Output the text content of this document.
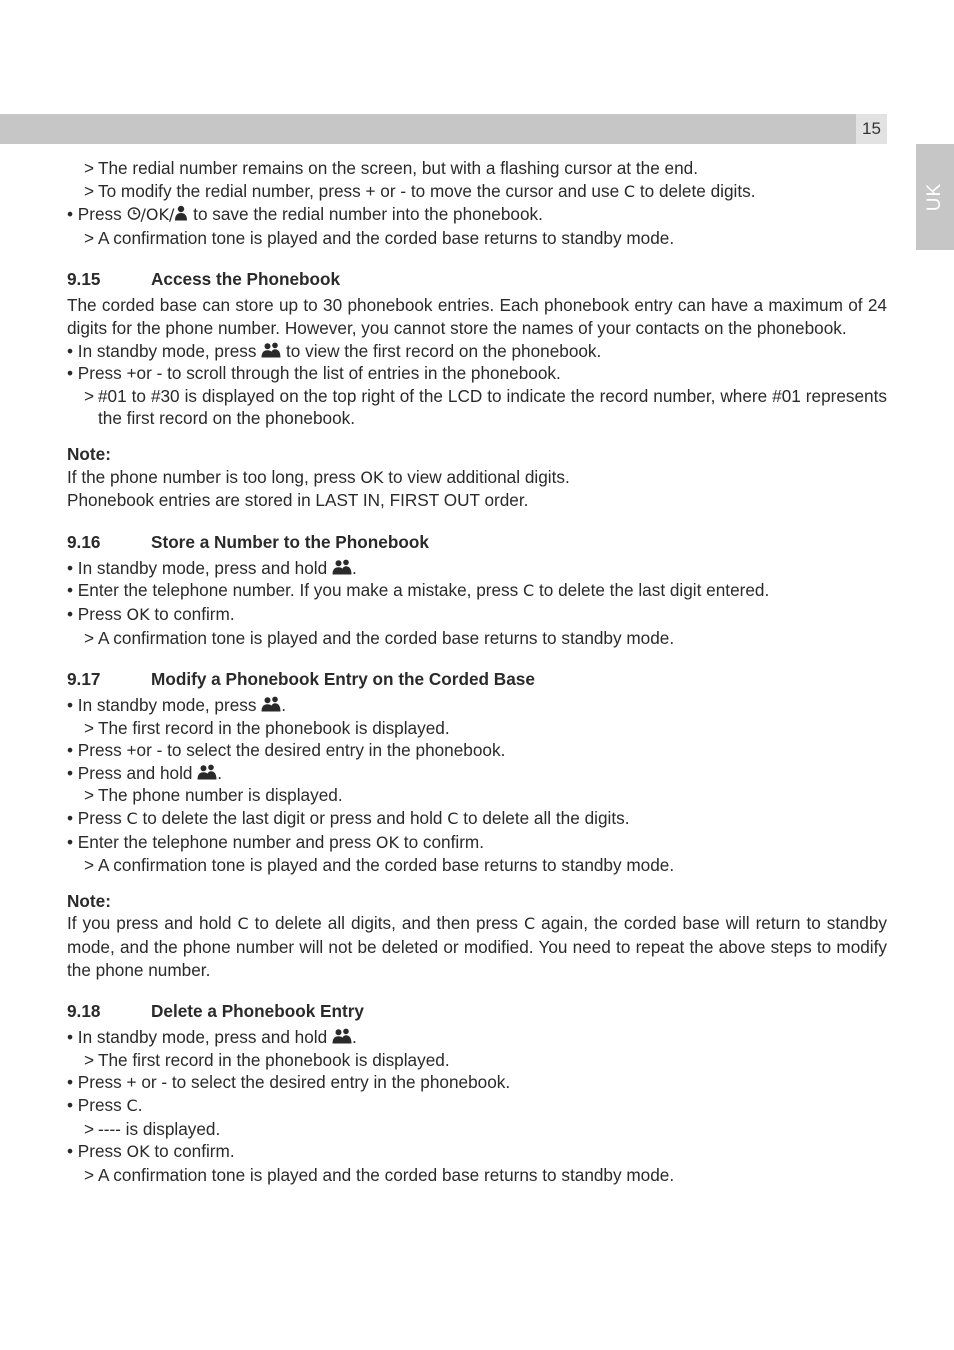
15
UK
> The redial number remains on the screen, but with a flashing cursor at the end.
> To modify the redial number, press + or - to move the cursor and use C to delete digits.
• Press /OK/ to save the redial number into the phonebook.
> A confirmation tone is played and the corded base returns to standby mode.
9.15	Access the Phonebook
The corded base can store up to 30 phonebook entries. Each phonebook entry can have a maximum of 24 digits for the phone number. However, you cannot store the names of your contacts on the phonebook.
• In standby mode, press  to view the first record on the phonebook.
• Press +or - to scroll through the list of entries in the phonebook.
> #01 to #30 is displayed on the top right of the LCD to indicate the record number, where #01 represents the first record on the phonebook.
Note:
If the phone number is too long, press OK to view additional digits.
Phonebook entries are stored in LAST IN, FIRST OUT order.
9.16	Store a Number to the Phonebook
• In standby mode, press and hold .
• Enter the telephone number. If you make a mistake, press C to delete the last digit entered.
• Press OK to confirm.
> A confirmation tone is played and the corded base returns to standby mode.
9.17	Modify a Phonebook Entry on the Corded Base
• In standby mode, press .
> The first record in the phonebook is displayed.
• Press +or - to select the desired entry in the phonebook.
• Press and hold .
> The phone number is displayed.
• Press C to delete the last digit or press and hold C to delete all the digits.
• Enter the telephone number and press OK to confirm.
> A confirmation tone is played and the corded base returns to standby mode.
Note:
If you press and hold C to delete all digits, and then press C again, the corded base will return to standby mode, and the phone number will not be deleted or modified. You need to repeat the above steps to modify the phone number.
9.18	Delete a Phonebook Entry
• In standby mode, press and hold .
> The first record in the phonebook is displayed.
• Press + or - to select the desired entry in the phonebook.
• Press C.
> ---- is displayed.
• Press OK to confirm.
> A confirmation tone is played and the corded base returns to standby mode.
